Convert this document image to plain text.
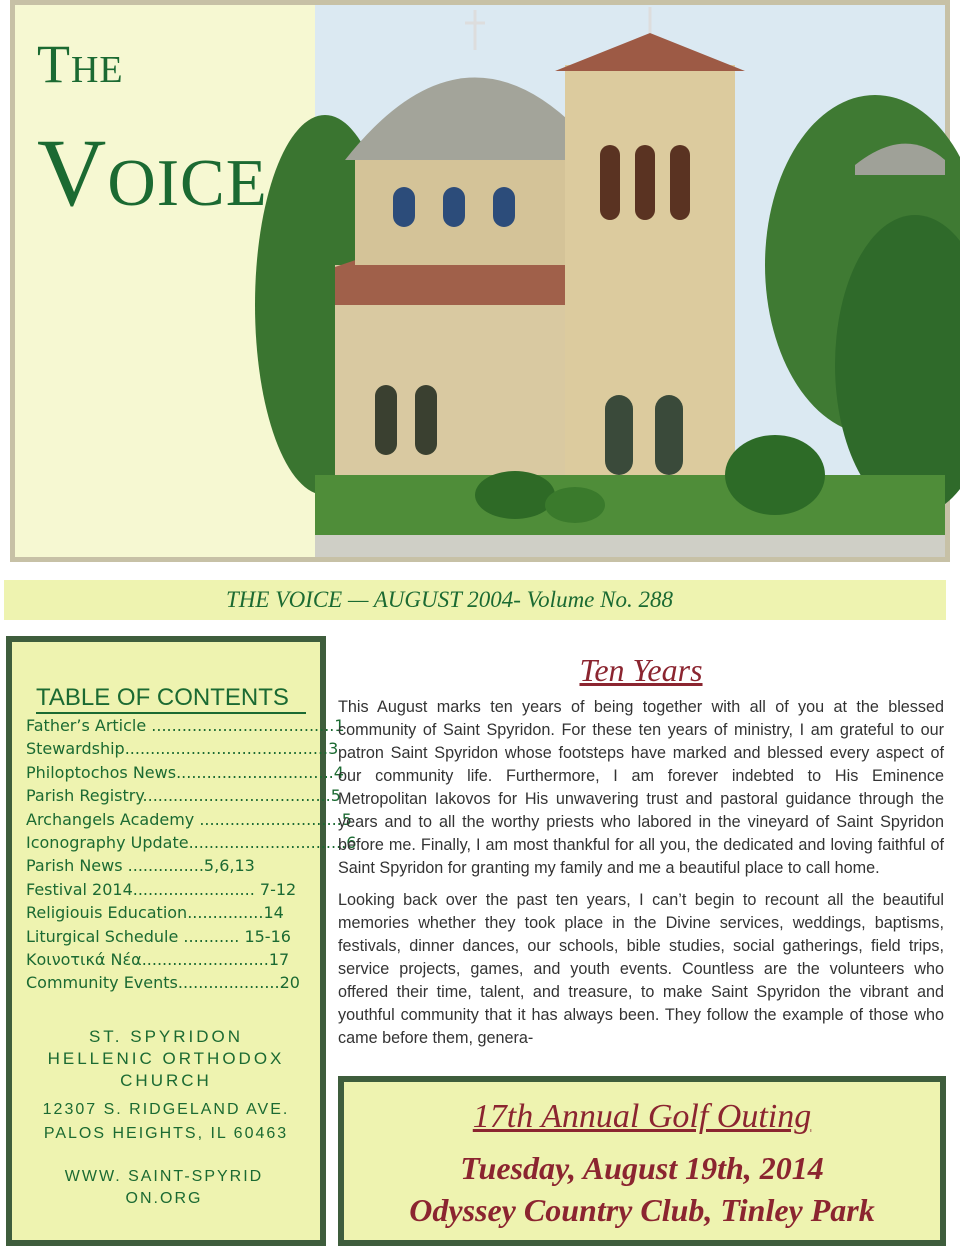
The
Voice
THE VOICE — AUGUST 2004- Volume No. 288
TABLE OF CONTENTS
Father’s Article ....................................1
Stewardship........................................3
Philoptochos News...............................4
Parish Registry.....................................5
Archangels Academy ............................5
Iconography Update...............................6
Parish News ...............5,6,13
Festival 2014........................ 7-12
Religiouis Education...............14
Liturgical Schedule ........... 15-16
Κοινοτικά Νέα.........................17
Community Events....................20
ST. SPYRIDON
HELLENIC ORTHODOX
CHURCH
12307 S. RIDGELAND AVE.
PALOS HEIGHTS, IL 60463
WWW. SAINT-SPYRIDON.ORG
Ten Years

This August marks ten years of being together with all of you at the blessed community of Saint Spyridon. For these ten years of ministry, I am grateful to our patron Saint Spyridon whose footsteps have marked and blessed every aspect of our community life. Furthermore, I am forever indebted to His Eminence Metropolitan Iakovos for His unwavering trust and pastoral guidance through the years and to all the worthy priests who labored in the vineyard of Saint Spyridon before me. Finally, I am most thankful for all you, the dedicated and loving faithful of Saint Spyridon for granting my family and me a beautiful place to call home.

Looking back over the past ten years, I can’t begin to recount all the beautiful memories whether they took place in the Divine services, weddings, baptisms, festivals, dinner dances, our schools, bible studies, social gatherings, field trips, service projects, games, and youth events. Countless are the volunteers who offered their time, talent, and treasure, to make Saint Spyridon the vibrant and youthful community that it has always been. They follow the example of those who came before them, genera-

17th Annual Golf Outing
Tuesday, August 19th, 2014
Odyssey Country Club, Tinley Park
